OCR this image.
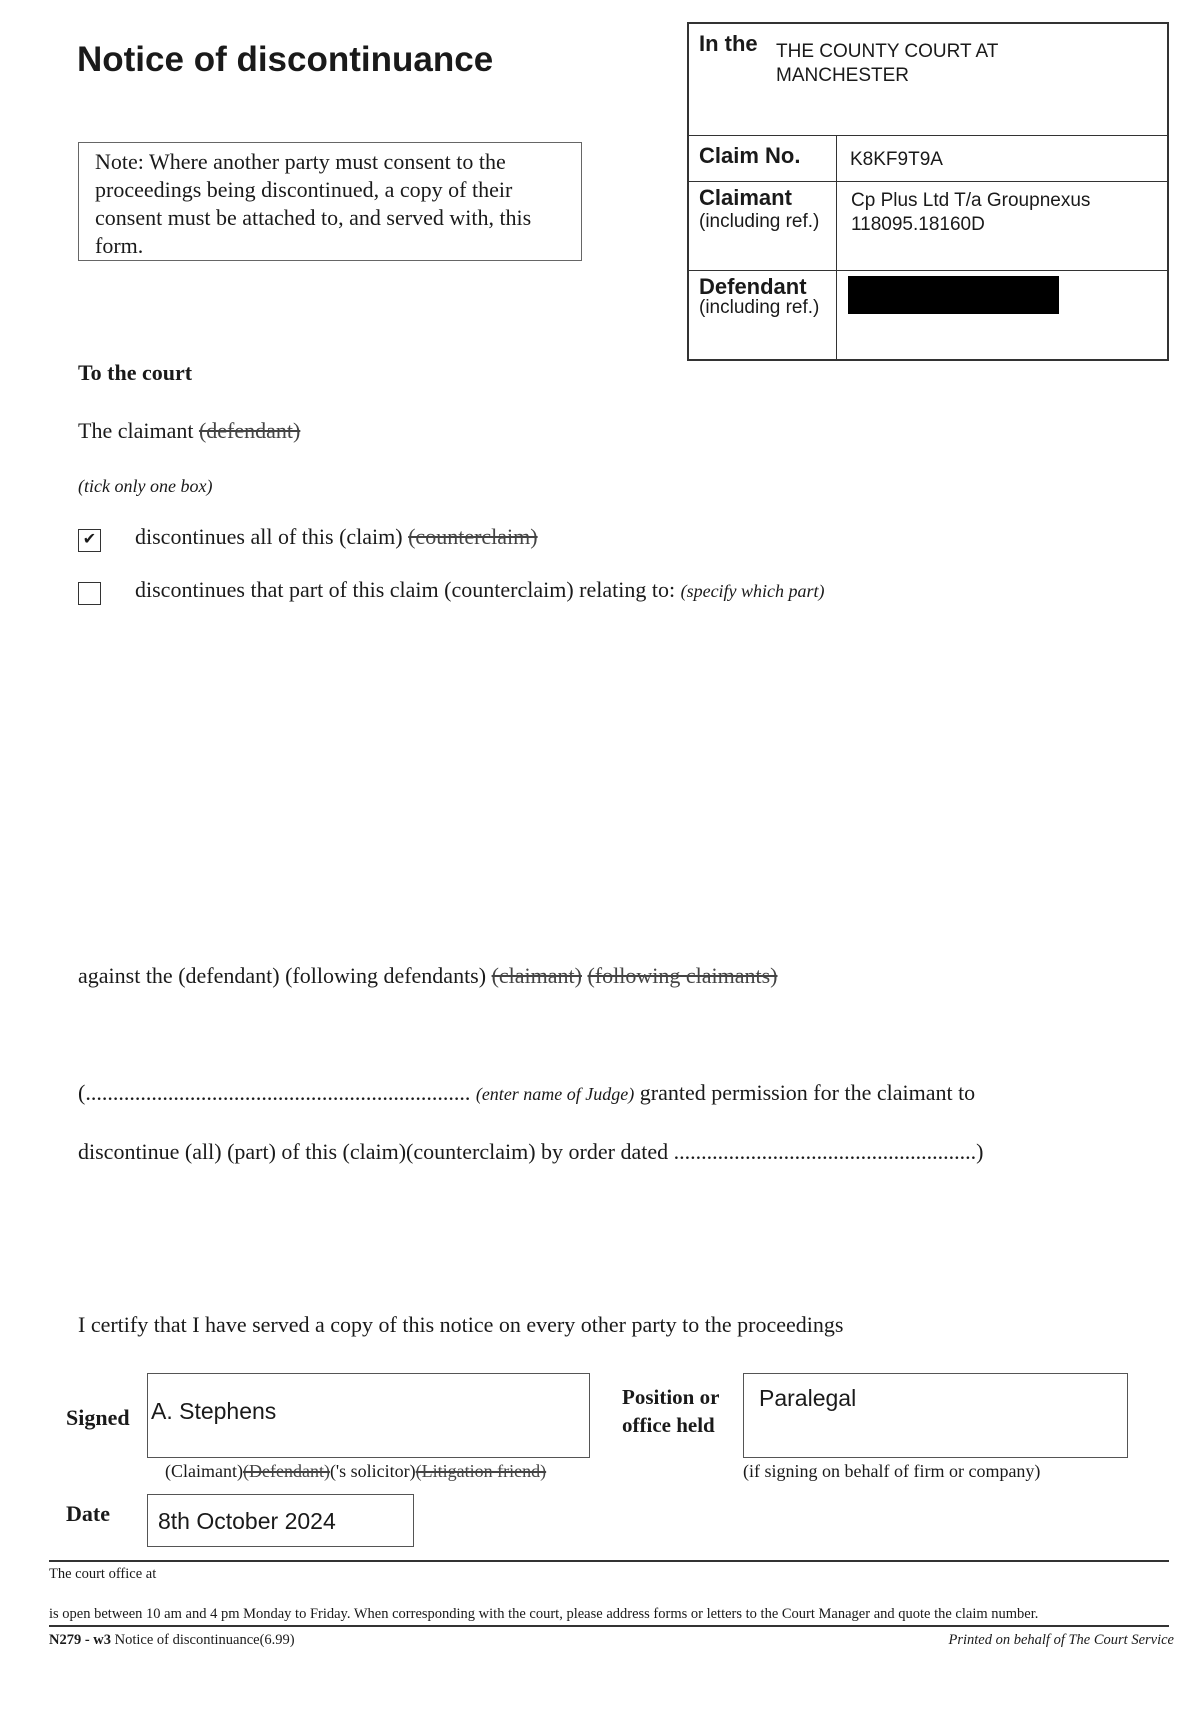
Notice of discontinuance
Note: Where another party must consent to the proceedings being discontinued, a copy of their consent must be attached to, and served with, this form.
In the THE COUNTY COURT AT
MANCHESTER
Claim No.	K8KF9T9A
Claimant
(including ref.)
Cp Plus Ltd T/a Groupnexus
118095.18160D
Defendant
(including ref.)
To the court
The claimant (defendant)
(tick only one box)
✔ discontinues all of this (claim) (counterclaim)
discontinues that part of this claim (counterclaim) relating to: (specify which part)
against the (defendant) (following defendants) (claimant) (following claimants)
(...................................................................... (enter name of Judge) granted permission for the claimant to
discontinue (all) (part) of this (claim)(counterclaim) by order dated .......................................................)
I certify that I have served a copy of this notice on every other party to the proceedings
Signed A. Stephens
(Claimant)(Defendant)('s solicitor)(Litigation friend)
Position or
office held
Paralegal
(if signing on behalf of firm or company)
Date 8th October 2024
The court office at
is open between 10 am and 4 pm Monday to Friday. When corresponding with the court, please address forms or letters to the Court Manager and quote the claim number.
N279 - w3 Notice of discontinuance(6.99)	Printed on behalf of The Court Service
